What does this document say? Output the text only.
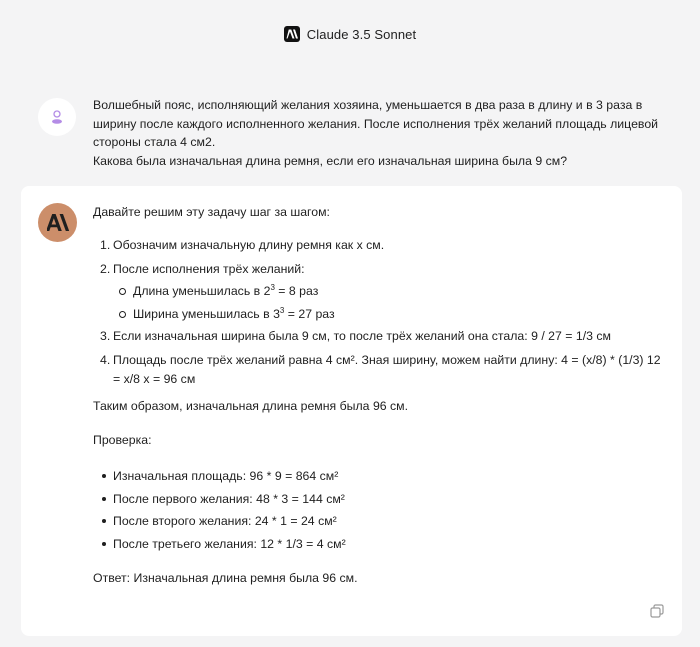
Claude 3.5 Sonnet

Волшебный пояс, исполняющий желания хозяина, уменьшается в два раза в длину и в 3 раза в ширину после каждого исполненного желания. После исполнения трёх желаний площадь лицевой стороны стала 4 см2.

Какова была изначальная длина ремня, если его изначальная ширина была 9 см?

Давайте решим эту задачу шаг за шагом:
1. Обозначим изначальную длину ремня как x см.
2. После исполнения трёх желаний:
Длина уменьшилась в $2^3 = 8$ раз
Ширина уменьшилась в $3^3 = 27$ раз
3. Если изначальная ширина была 9 см, то после трёх желаний она стала: 9 / 27 = 1/3 см
4. Площадь после трёх желаний равна 4 см². Зная ширину, можем найти длину: 4 = (x/8) * (1/3) 12 = x/8 x = 96 см
Таким образом, изначальная длина ремня была 96 см.
Проверка:
Изначальная площадь: 96 * 9 = 864 см²
После первого желания: 48 * 3 = 144 см²
После второго желания: 24 * 1 = 24 см²
После третьего желания: 12 * 1/3 = 4 см²
Ответ: Изначальная длина ремня была 96 см.
